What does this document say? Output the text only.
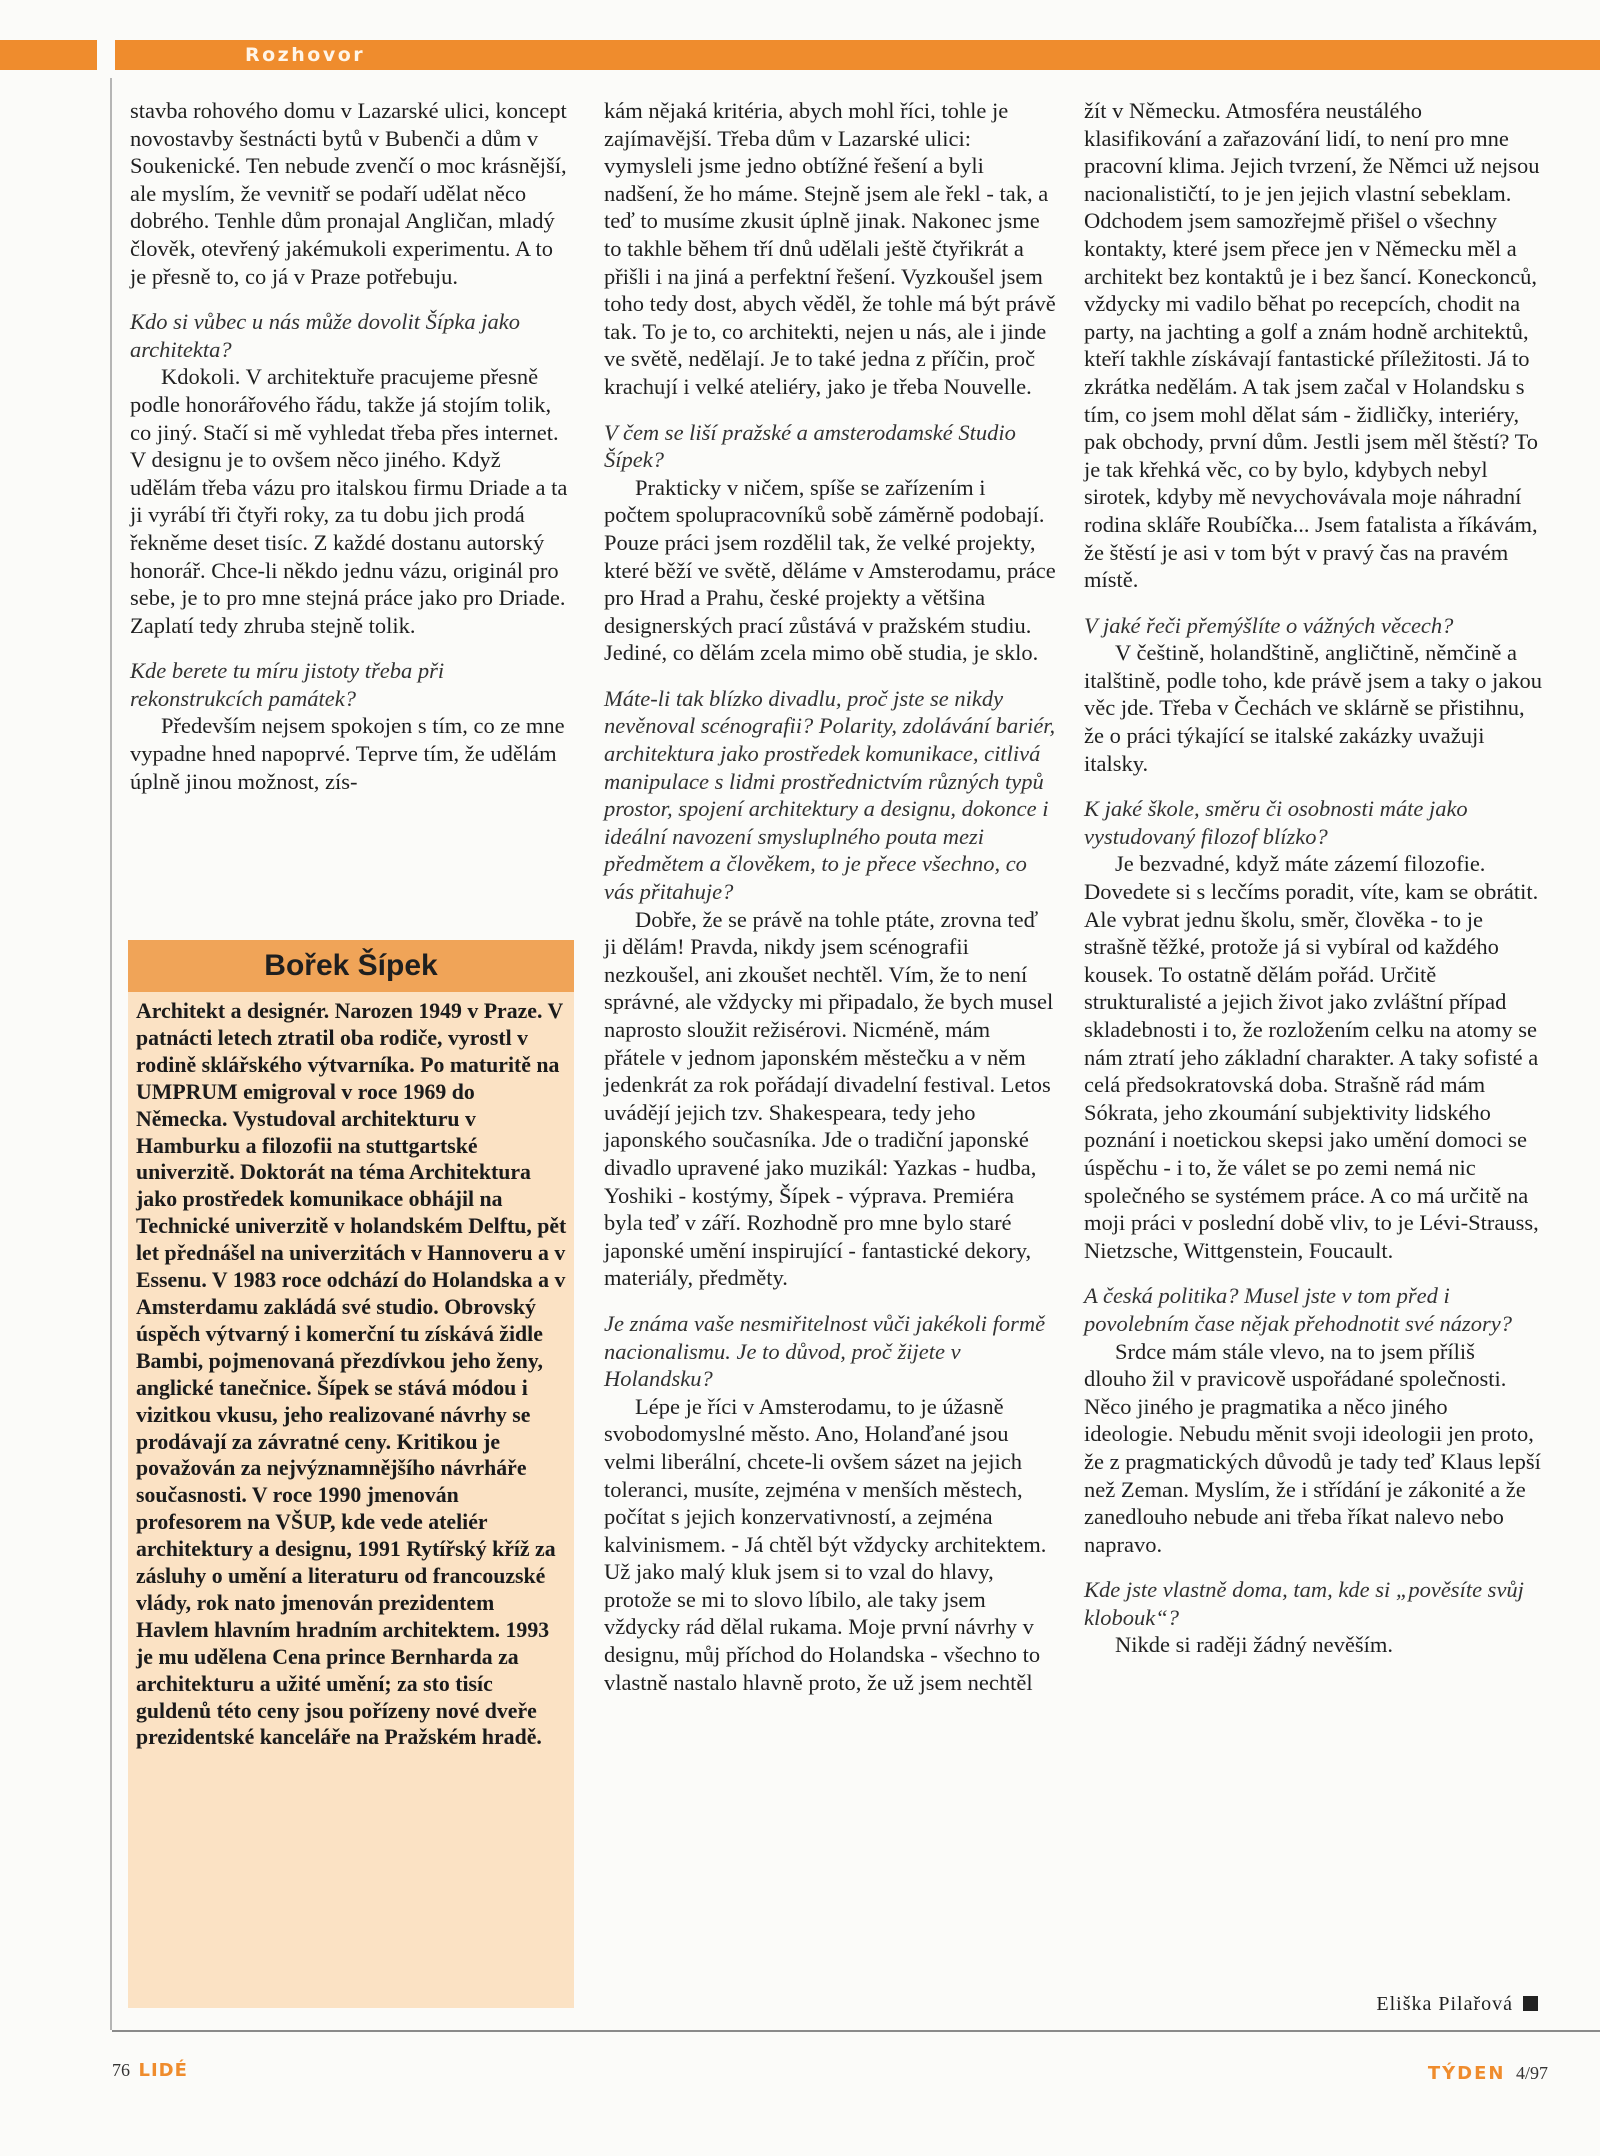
Rozhovor

stavba rohového domu v Lazarské ulici, koncept novostavby šestnácti bytů v Bubenči a dům v Soukenické. Ten nebude zvenčí o moc krásnější, ale myslím, že vevnitř se podaří udělat něco dobrého. Tenhle dům pronajal Angličan, mladý člověk, otevřený jakémukoli experimentu. A to je přesně to, co já v Praze potřebuju.

Kdo si vůbec u nás může dovolit Šípka jako architekta?

Kdokoli. V architektuře pracujeme přesně podle honorářového řádu, takže já stojím tolik, co jiný. Stačí si mě vyhledat třeba přes internet. V designu je to ovšem něco jiného. Když udělám třeba vázu pro italskou firmu Driade a ta ji vyrábí tři čtyři roky, za tu dobu jich prodá řekněme deset tisíc. Z každé dostanu autorský honorář. Chce-li někdo jednu vázu, originál pro sebe, je to pro mne stejná práce jako pro Driade. Zaplatí tedy zhruba stejně tolik.

Kde berete tu míru jistoty třeba při rekonstrukcích památek?

Především nejsem spokojen s tím, co ze mne vypadne hned napoprvé. Teprve tím, že udělám úplně jinou možnost, zís-

kám nějaká kritéria, abych mohl říci, tohle je zajímavější. Třeba dům v Lazarské ulici: vymysleli jsme jedno obtížné řešení a byli nadšení, že ho máme. Stejně jsem ale řekl - tak, a teď to musíme zkusit úplně jinak. Nakonec jsme to takhle během tří dnů udělali ještě čtyřikrát a přišli i na jiná a perfektní řešení. Vyzkoušel jsem toho tedy dost, abych věděl, že tohle má být právě tak. To je to, co architekti, nejen u nás, ale i jinde ve světě, nedělají. Je to také jedna z příčin, proč krachují i velké ateliéry, jako je třeba Nouvelle.

V čem se liší pražské a amsterodamské Studio Šípek?

Prakticky v ničem, spíše se zařízením i počtem spolupracovníků sobě záměrně podobají. Pouze práci jsem rozdělil tak, že velké projekty, které běží ve světě, děláme v Amsterodamu, práce pro Hrad a Prahu, české projekty a většina designerských prací zůstává v pražském studiu. Jediné, co dělám zcela mimo obě studia, je sklo.

Máte-li tak blízko divadlu, proč jste se nikdy nevěnoval scénografii? Polarity, zdolávání bariér, architektura jako prostředek komunikace, citlivá manipulace s lidmi prostřednictvím různých typů prostor, spojení architektury a designu, dokonce i ideální navození smysluplného pouta mezi předmětem a člověkem, to je přece všechno, co vás přitahuje?

Dobře, že se právě na tohle ptáte, zrovna teď ji dělám! Pravda, nikdy jsem scénografii nezkoušel, ani zkoušet nechtěl. Vím, že to není správné, ale vždycky mi připadalo, že bych musel naprosto sloužit režisérovi. Nicméně, mám přátele v jednom japonském městečku a v něm jedenkrát za rok pořádají divadelní festival. Letos uvádějí jejich tzv. Shakespeara, tedy jeho japonského současníka. Jde o tradiční japonské divadlo upravené jako muzikál: Yazkas - hudba, Yoshiki - kostýmy, Šípek - výprava. Premiéra byla teď v září. Rozhodně pro mne bylo staré japonské umění inspirující - fantastické dekory, materiály, předměty.

Je známa vaše nesmiřitelnost vůči jakékoli formě nacionalismu. Je to důvod, proč žijete v Holandsku?

Lépe je říci v Amsterodamu, to je úžasně svobodomyslné město. Ano, Holanďané jsou velmi liberální, chcete-li ovšem sázet na jejich toleranci, musíte, zejména v menších městech, počítat s jejich konzervativností, a zejména kalvinismem. - Já chtěl být vždycky architektem. Už jako malý kluk jsem si to vzal do hlavy, protože se mi to slovo líbilo, ale taky jsem vždycky rád dělal rukama. Moje první návrhy v designu, můj příchod do Holandska - všechno to vlastně nastalo hlavně proto, že už jsem nechtěl

žít v Německu. Atmosféra neustálého klasifikování a zařazování lidí, to není pro mne pracovní klima. Jejich tvrzení, že Němci už nejsou nacionalističtí, to je jen jejich vlastní sebeklam. Odchodem jsem samozřejmě přišel o všechny kontakty, které jsem přece jen v Německu měl a architekt bez kontaktů je i bez šancí. Koneckonců, vždycky mi vadilo běhat po recepcích, chodit na party, na jachting a golf a znám hodně architektů, kteří takhle získávají fantastické příležitosti. Já to zkrátka nedělám. A tak jsem začal v Holandsku s tím, co jsem mohl dělat sám - židličky, interiéry, pak obchody, první dům. Jestli jsem měl štěstí? To je tak křehká věc, co by bylo, kdybych nebyl sirotek, kdyby mě nevychovávala moje náhradní rodina skláře Roubíčka... Jsem fatalista a říkávám, že štěstí je asi v tom být v pravý čas na pravém místě.

V jaké řeči přemýšlíte o vážných věcech?

V češtině, holandštině, angličtině, němčině a italštině, podle toho, kde právě jsem a taky o jakou věc jde. Třeba v Čechách ve sklárně se přistihnu, že o práci týkající se italské zakázky uvažuji italsky.

K jaké škole, směru či osobnosti máte jako vystudovaný filozof blízko?

Je bezvadné, když máte zázemí filozofie. Dovedete si s lecčíms poradit, víte, kam se obrátit. Ale vybrat jednu školu, směr, člověka - to je strašně těžké, protože já si vybíral od každého kousek. To ostatně dělám pořád. Určitě strukturalisté a jejich život jako zvláštní případ skladebnosti i to, že rozložením celku na atomy se nám ztratí jeho základní charakter. A taky sofisté a celá předsokratovská doba. Strašně rád mám Sókrata, jeho zkoumání subjektivity lidského poznání i noetickou skepsi jako umění domoci se úspěchu - i to, že válet se po zemi nemá nic společného se systémem práce. A co má určitě na moji práci v poslední době vliv, to je Lévi-Strauss, Nietzsche, Wittgenstein, Foucault.

A česká politika? Musel jste v tom před i povolebním čase nějak přehodnotit své názory?

Srdce mám stále vlevo, na to jsem příliš dlouho žil v pravicově uspořádané společnosti. Něco jiného je pragmatika a něco jiného ideologie. Nebudu měnit svoji ideologii jen proto, že z pragmatických důvodů je tady teď Klaus lepší než Zeman. Myslím, že i střídání je zákonité a že zanedlouho nebude ani třeba říkat nalevo nebo napravo.

Kde jste vlastně doma, tam, kde si „pověsíte svůj klobouk“?

Nikde si raději žádný nevěším.

Bořek Šípek
Architekt a designér. Narozen 1949 v Praze. V patnácti letech ztratil oba rodiče, vyrostl v rodině sklářského výtvarníka. Po maturitě na UMPRUM emigroval v roce 1969 do Německa. Vystudoval architekturu v Hamburku a filozofii na stuttgartské univerzitě. Doktorát na téma Architektura jako prostředek komunikace obhájil na Technické univerzitě v holandském Delftu, pět let přednášel na univerzitách v Hannoveru a v Essenu. V 1983 roce odchází do Holandska a v Amsterdamu zakládá své studio. Obrovský úspěch výtvarný i komerční tu získává židle Bambi, pojmenovaná přezdívkou jeho ženy, anglické tanečnice. Šípek se stává módou i vizitkou vkusu, jeho realizované návrhy se prodávají za závratné ceny. Kritikou je považován za nejvýznamnějšího návrháře současnosti. V roce 1990 jmenován profesorem na VŠUP, kde vede ateliér architektury a designu, 1991 Rytířský kříž za zásluhy o umění a literaturu od francouzské vlády, rok nato jmenován prezidentem Havlem hlavním hradním architektem. 1993 je mu udělena Cena prince Bernharda za architekturu a užité umění; za sto tisíc guldenů této ceny jsou pořízeny nové dveře prezidentské kanceláře na Pražském hradě.
Eliška Pilařová
76 LIDÉ	TÝDEN 4/97
